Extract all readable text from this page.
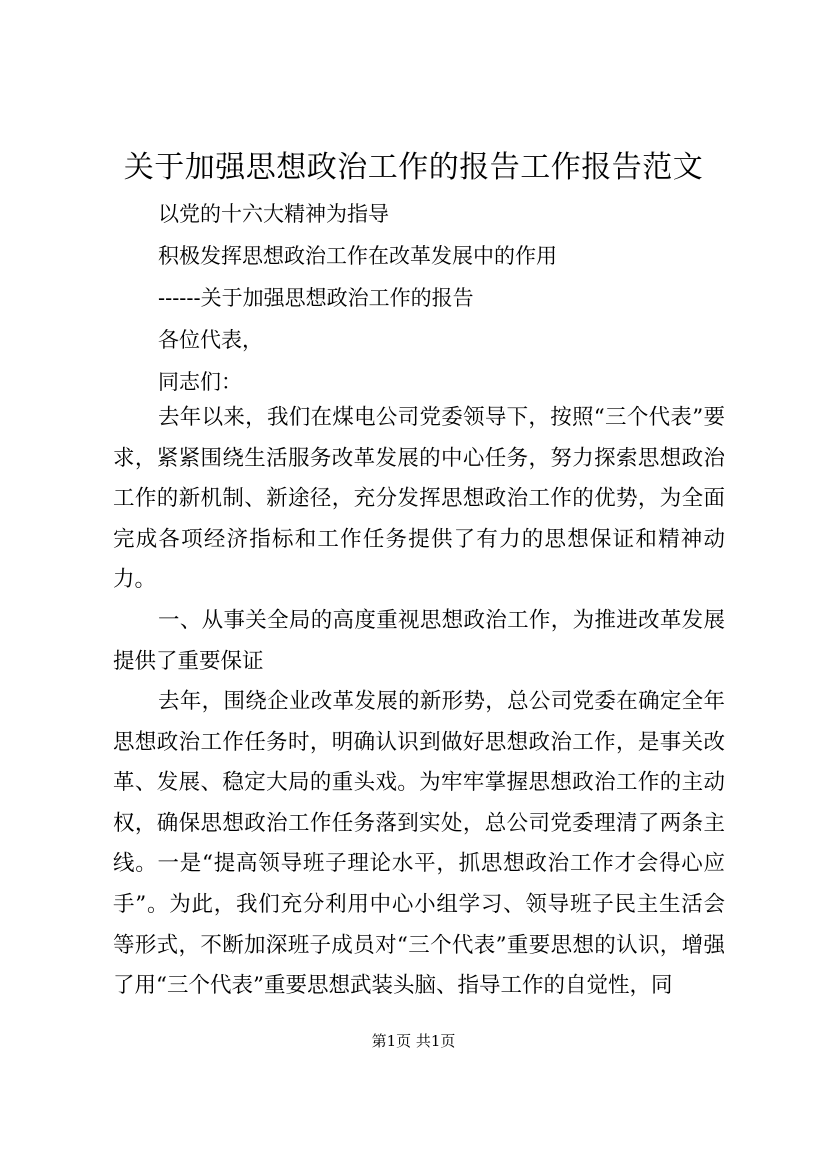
关于加强思想政治工作的报告工作报告范文
以党的十六大精神为指导
积极发挥思想政治工作在改革发展中的作用
------关于加强思想政治工作的报告
各位代表，
同志们：

去年以来，我们在煤电公司党委领导下，按照“三个代表”要求，紧紧围绕生活服务改革发展的中心任务，努力探索思想政治工作的新机制、新途径，充分发挥思想政治工作的优势，为全面完成各项经济指标和工作任务提供了有力的思想保证和精神动力。

一、从事关全局的高度重视思想政治工作，为推进改革发展提供了重要保证

去年，围绕企业改革发展的新形势，总公司党委在确定全年思想政治工作任务时，明确认识到做好思想政治工作，是事关改革、发展、稳定大局的重头戏。为牢牢掌握思想政治工作的主动权，确保思想政治工作任务落到实处，总公司党委理清了两条主线。一是“提高领导班子理论水平，抓思想政治工作才会得心应手”。为此，我们充分利用中心小组学习、领导班子民主生活会等形式，不断加深班子成员对“三个代表”重要思想的认识，增强了用“三个代表”重要思想武装头脑、指导工作的自觉性，同

第1页 共1页
